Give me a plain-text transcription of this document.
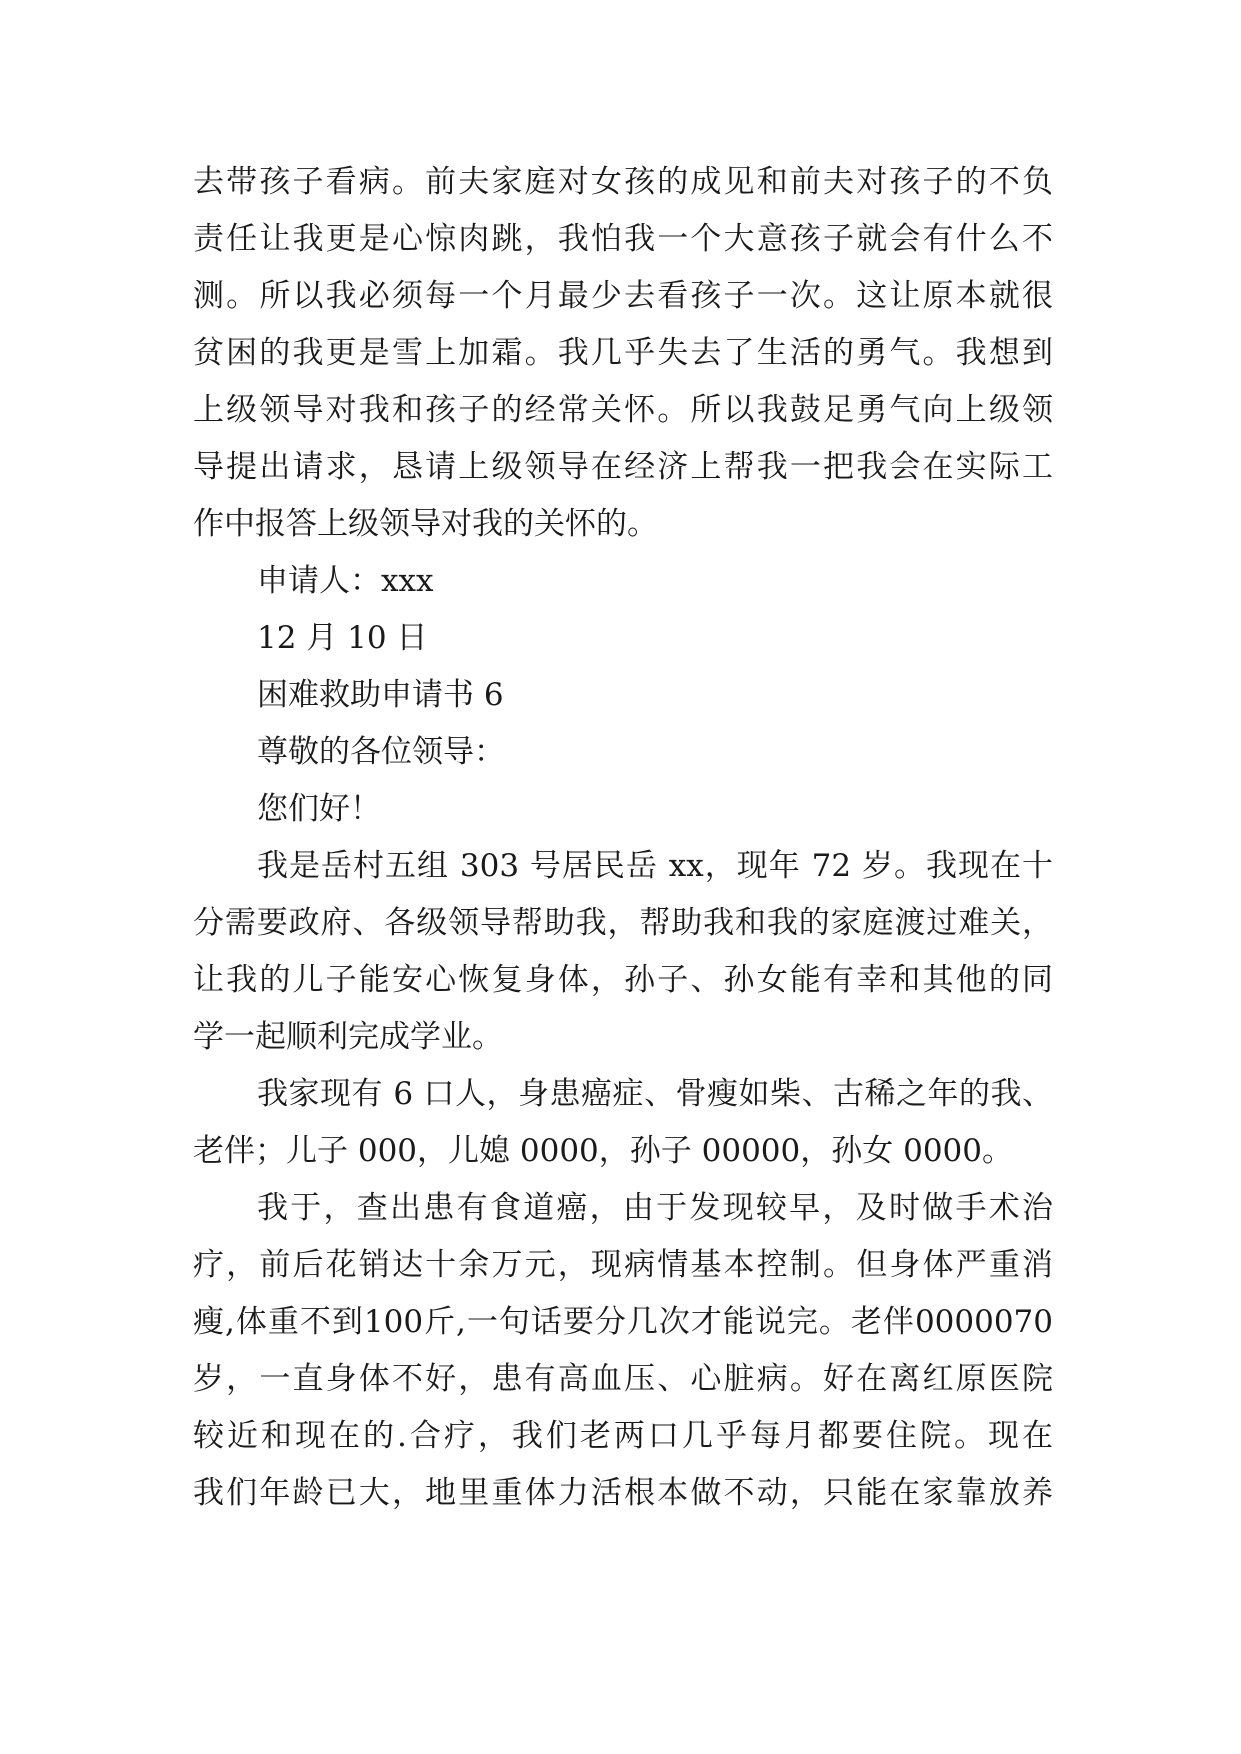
去带孩子看病。前夫家庭对女孩的成见和前夫对孩子的不负
责任让我更是心惊肉跳，我怕我一个大意孩子就会有什么不
测。所以我必须每一个月最少去看孩子一次。这让原本就很
贫困的我更是雪上加霜。我几乎失去了生活的勇气。我想到
上级领导对我和孩子的经常关怀。所以我鼓足勇气向上级领
导提出请求，恳请上级领导在经济上帮我一把我会在实际工
作中报答上级领导对我的关怀的。
申请人：xxx
12 月 10 日
困难救助申请书 6
尊敬的各位领导：
您们好！
我是岳村五组 303 号居民岳 xx，现年 72 岁。我现在十
分需要政府、各级领导帮助我，帮助我和我的家庭渡过难关，
让我的儿子能安心恢复身体，孙子、孙女能有幸和其他的同
学一起顺利完成学业。
我家现有 6 口人，身患癌症、骨瘦如柴、古稀之年的我、
老伴；儿子 000，儿媳 0000，孙子 00000，孙女 0000。
我于，查出患有食道癌，由于发现较早，及时做手术治
疗，前后花销达十余万元，现病情基本控制。但身体严重消
瘦,体重不到100斤,一句话要分几次才能说完。老伴0000070
岁，一直身体不好，患有高血压、心脏病。好在离红原医院
较近和现在的.合疗，我们老两口几乎每月都要住院。现在
我们年龄已大，地里重体力活根本做不动，只能在家靠放养
